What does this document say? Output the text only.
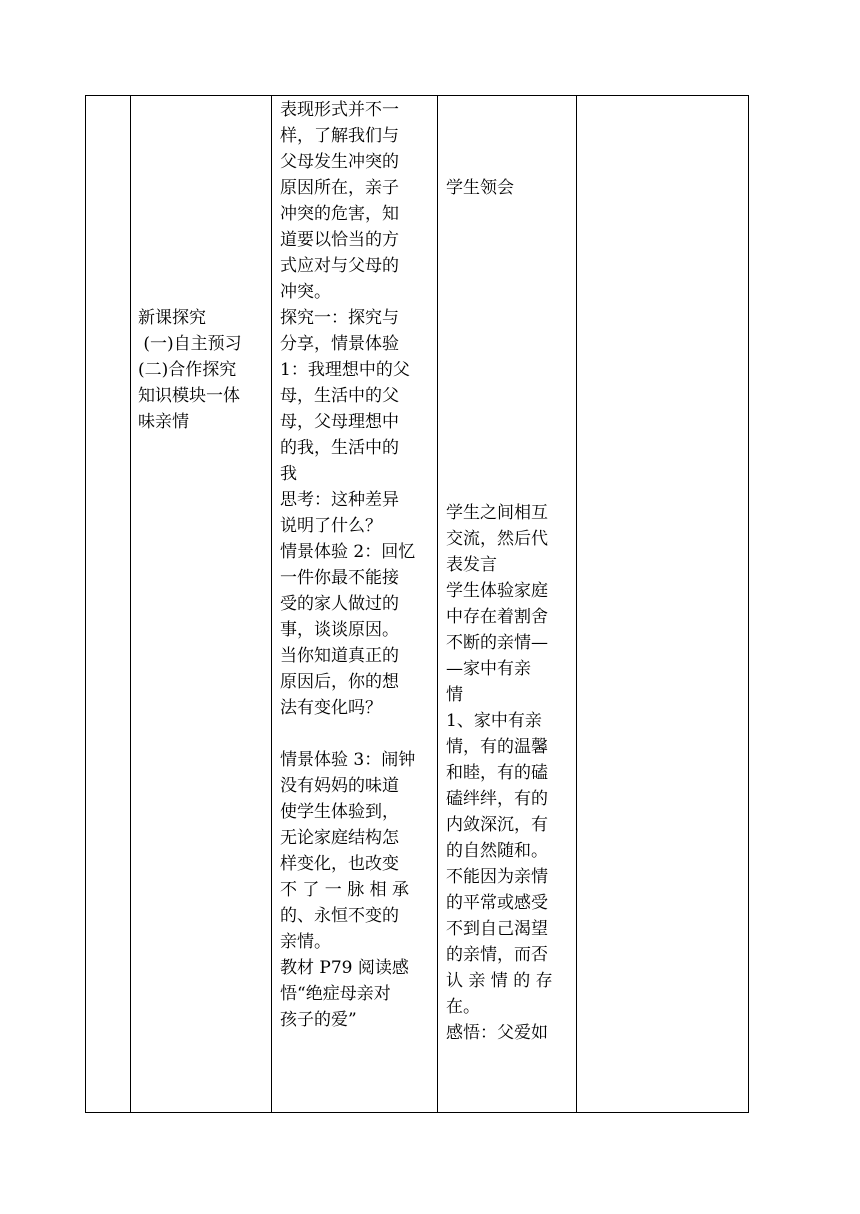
新课探究

(一)自主预习

(二)合作探究

知识模块一体

味亲情

表现形式并不一

样，了解我们与

父母发生冲突的

原因所在，亲子

冲突的危害，知

道要以恰当的方

式应对与父母的

冲突。

探究一：探究与

分享，情景体验

1：我理想中的父

母，生活中的父

母，父母理想中

的我，生活中的

我

思考：这种差异

说明了什么？

情景体验 2：回忆

一件你最不能接

受的家人做过的

事，谈谈原因。

当你知道真正的

原因后，你的想

法有变化吗？

情景体验 3：闹钟

没有妈妈的味道

使学生体验到，

无论家庭结构怎

样变化，也改变

不 了 一 脉 相 承

的、永恒不变的

亲情。

教材 P79 阅读感

悟“绝症母亲对

孩子的爱”

学生领会

学生之间相互

交流，然后代

表发言

学生体验家庭

中存在着割舍

不断的亲情—

—家中有亲

情

1、家中有亲

情，有的温馨

和睦，有的磕

磕绊绊，有的

内敛深沉，有

的自然随和。

不能因为亲情

的平常或感受

不到自己渴望

的亲情，而否

认 亲 情 的 存

在。

感悟：父爱如
